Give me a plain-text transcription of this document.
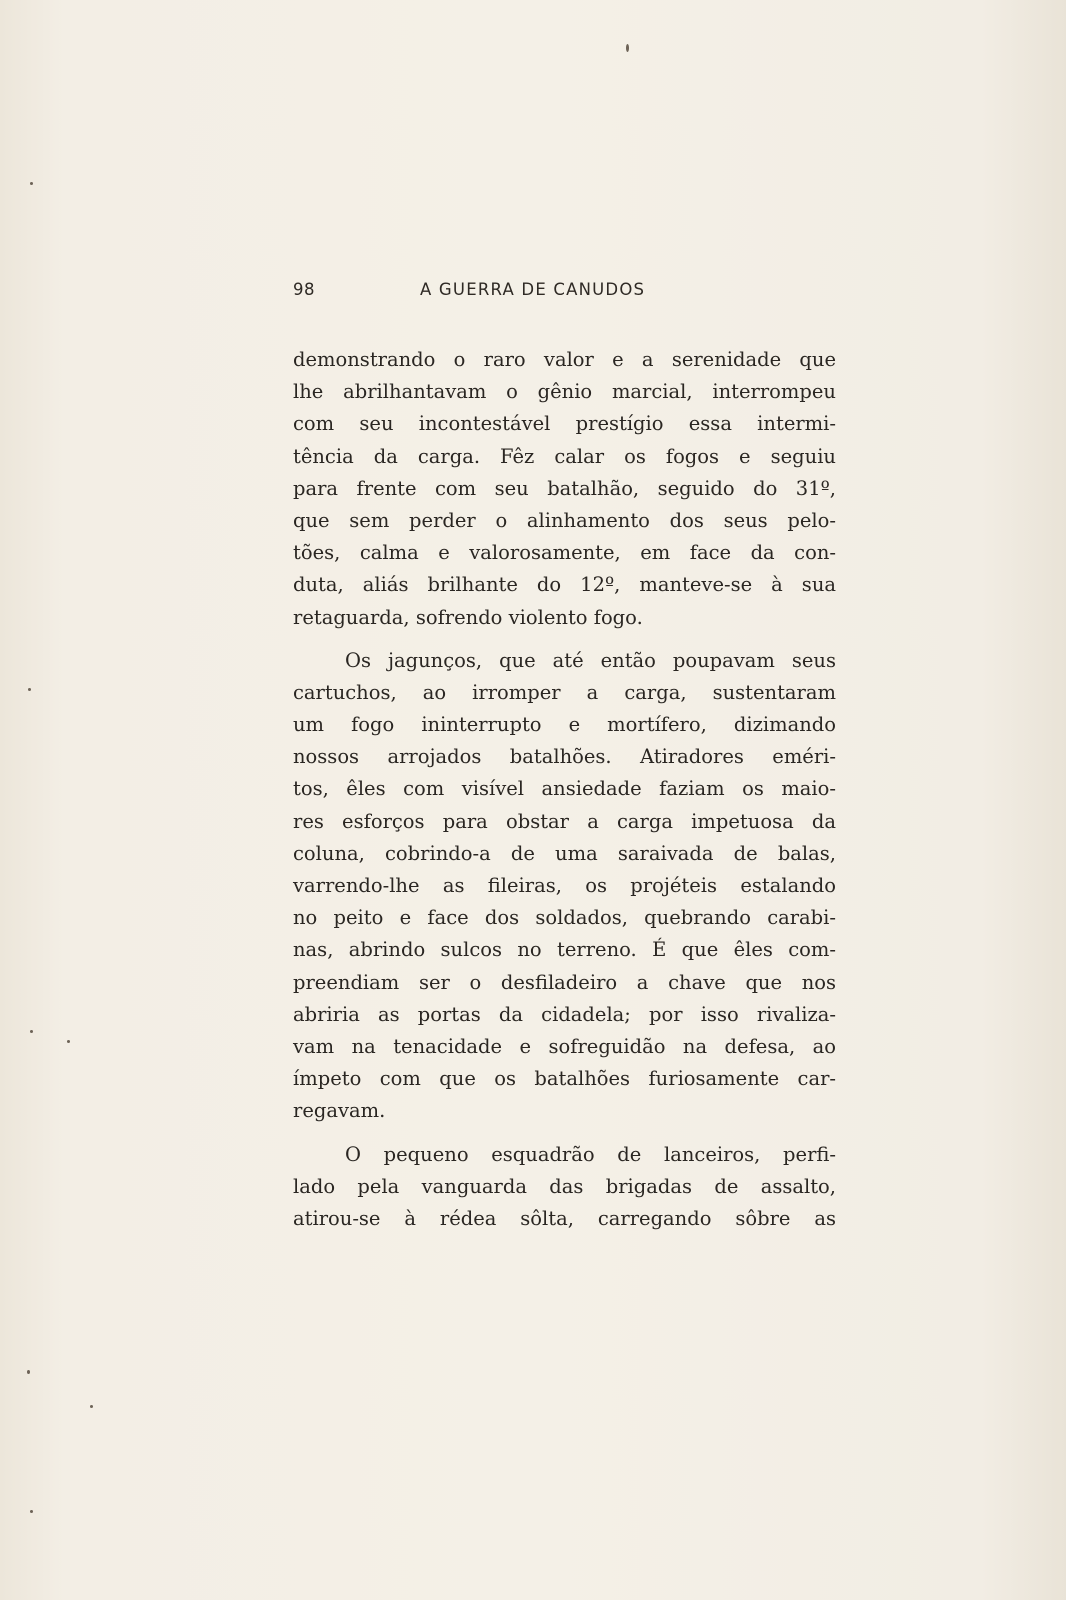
98	A GUERRA DE CANUDOS
demonstrando o raro valor e a serenidade que
lhe abrilhantavam o gênio marcial, interrompeu
com seu incontestável prestígio essa intermi-
tência da carga. Fêz calar os fogos e seguiu
para frente com seu batalhão, seguido do 31º,
que sem perder o alinhamento dos seus pelo-
tões, calma e valorosamente, em face da con-
duta, aliás brilhante do 12º, manteve-se à sua
retaguarda, sofrendo violento fogo.
Os jagunços, que até então poupavam seus
cartuchos, ao irromper a carga, sustentaram
um fogo ininterrupto e mortífero, dizimando
nossos arrojados batalhões. Atiradores eméri-
tos, êles com visível ansiedade faziam os maio-
res esforços para obstar a carga impetuosa da
coluna, cobrindo-a de uma saraivada de balas,
varrendo-lhe as fileiras, os projéteis estalando
no peito e face dos soldados, quebrando carabi-
nas, abrindo sulcos no terreno. É que êles com-
preendiam ser o desfiladeiro a chave que nos
abriria as portas da cidadela; por isso rivaliza-
vam na tenacidade e sofreguidão na defesa, ao
ímpeto com que os batalhões furiosamente car-
regavam.
O pequeno esquadrão de lanceiros, perfi-
lado pela vanguarda das brigadas de assalto,
atirou-se à rédea sôlta, carregando sôbre as
